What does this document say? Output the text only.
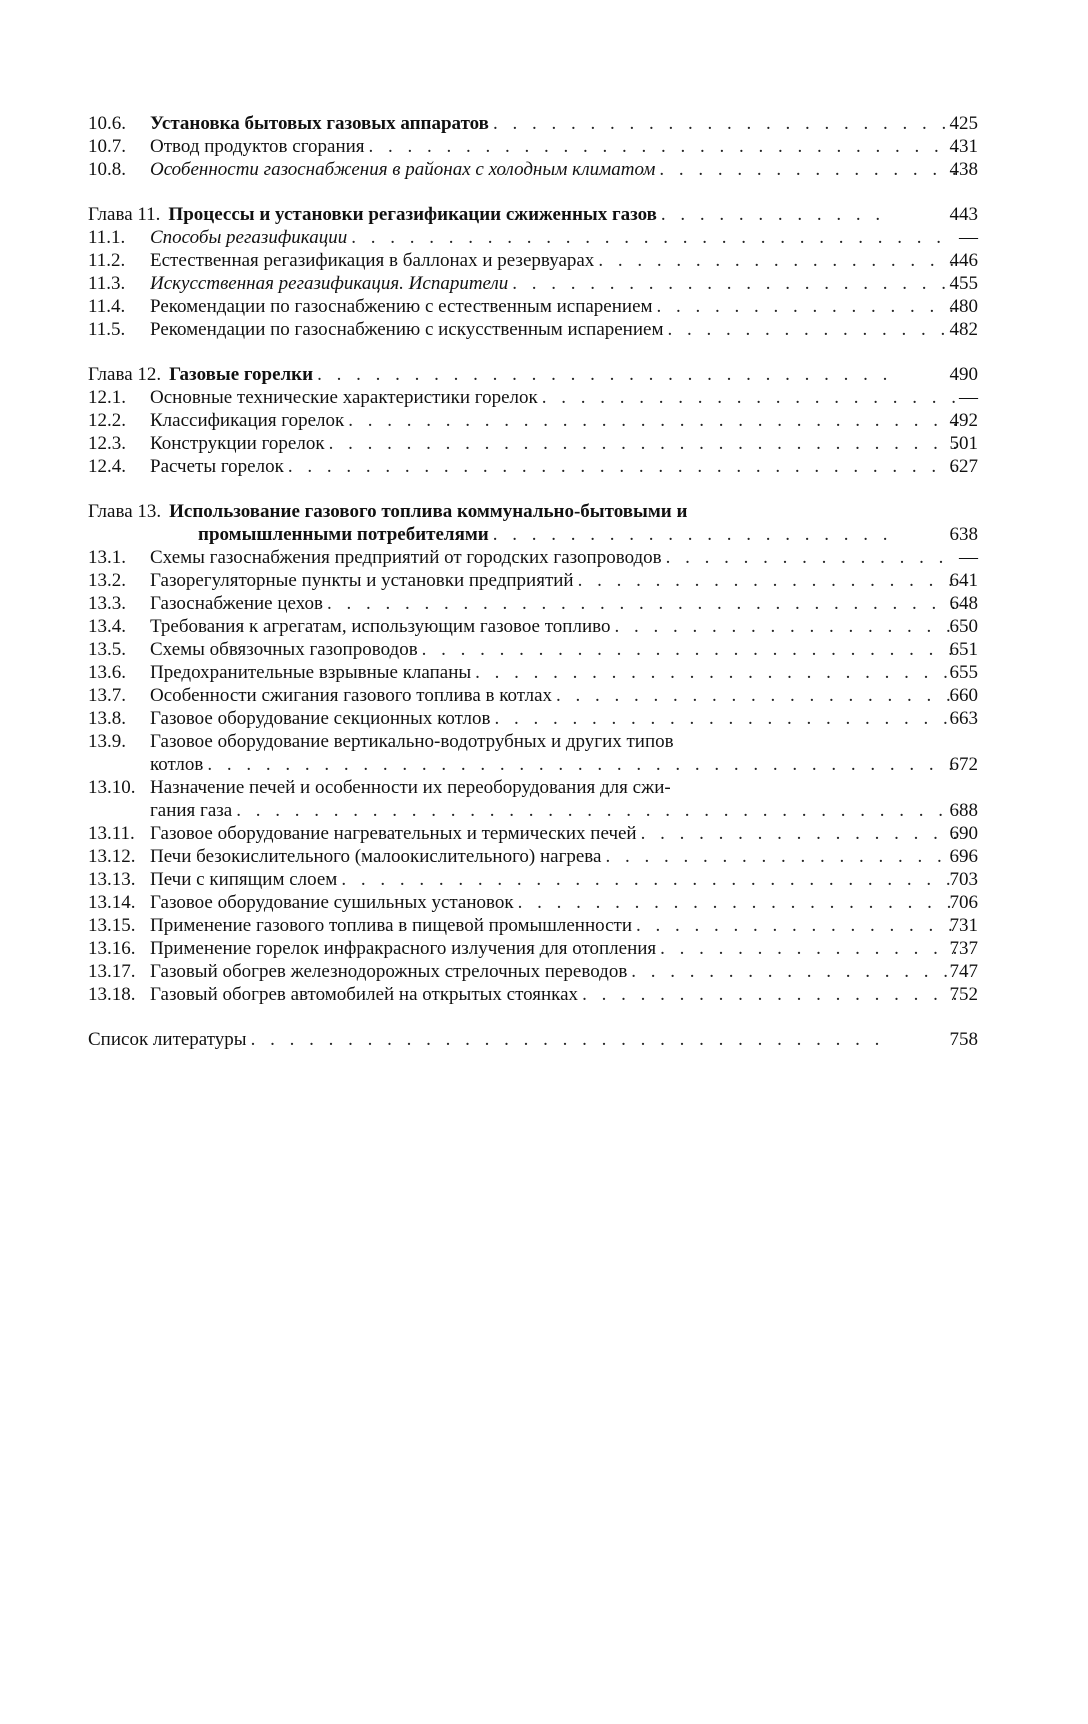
10.6. Установка бытовых газовых аппаратов . . .	425
10.7. Отвод продуктов сгорания . . .	431
10.8. Особенности газоснабжения в районах с холодным климатом . . .	438
Глава 11. Процессы и установки регазификации сжиженных газов . . .	443
11.1. Способы регазификации . . .	—
11.2. Естественная регазификация в баллонах и резервуарах . . .	446
11.3. Искусственная регазификация. Испарители . . .	455
11.4. Рекомендации по газоснабжению с естественным испарением . . .	480
11.5. Рекомендации по газоснабжению с искусственным испарением . . .	482
Глава 12. Газовые горелки . . .	490
12.1. Основные технические характеристики горелок . . .	—
12.2. Классификация горелок . . .	492
12.3. Конструкции горелок . . .	501
12.4. Расчеты горелок . . .	627
Глава 13. Использование газового топлива коммунально-бытовыми и
промышленными потребителями . . .	638
13.1. Схемы газоснабжения предприятий от городских газопроводов . . .	—
13.2. Газорегуляторные пункты и установки предприятий . . .	641
13.3. Газоснабжение цехов . . .	648
13.4. Требования к агрегатам, использующим газовое топливо . . .	650
13.5. Схемы обвязочных газопроводов . . .	651
13.6. Предохранительные взрывные клапаны . . .	655
13.7. Особенности сжигания газового топлива в котлах . . .	660
13.8. Газовое оборудование секционных котлов . . .	663
13.9. Газовое оборудование вертикально-водотрубных и других типов
котлов . . .	672
13.10. Назначение печей и особенности их переоборудования для сжи-
гания газа . . .	688
13.11. Газовое оборудование нагревательных и термических печей . . .	690
13.12. Печи безокислительного (малоокислительного) нагрева . . .	696
13.13. Печи с кипящим слоем . . .	703
13.14. Газовое оборудование сушильных установок . . .	706
13.15. Применение газового топлива в пищевой промышленности . . .	731
13.16. Применение горелок инфракрасного излучения для отопления . . .	737
13.17. Газовый обогрев железнодорожных стрелочных переводов . . .	747
13.18. Газовый обогрев автомобилей на открытых стоянках . . .	752
Список литературы . . .	758
